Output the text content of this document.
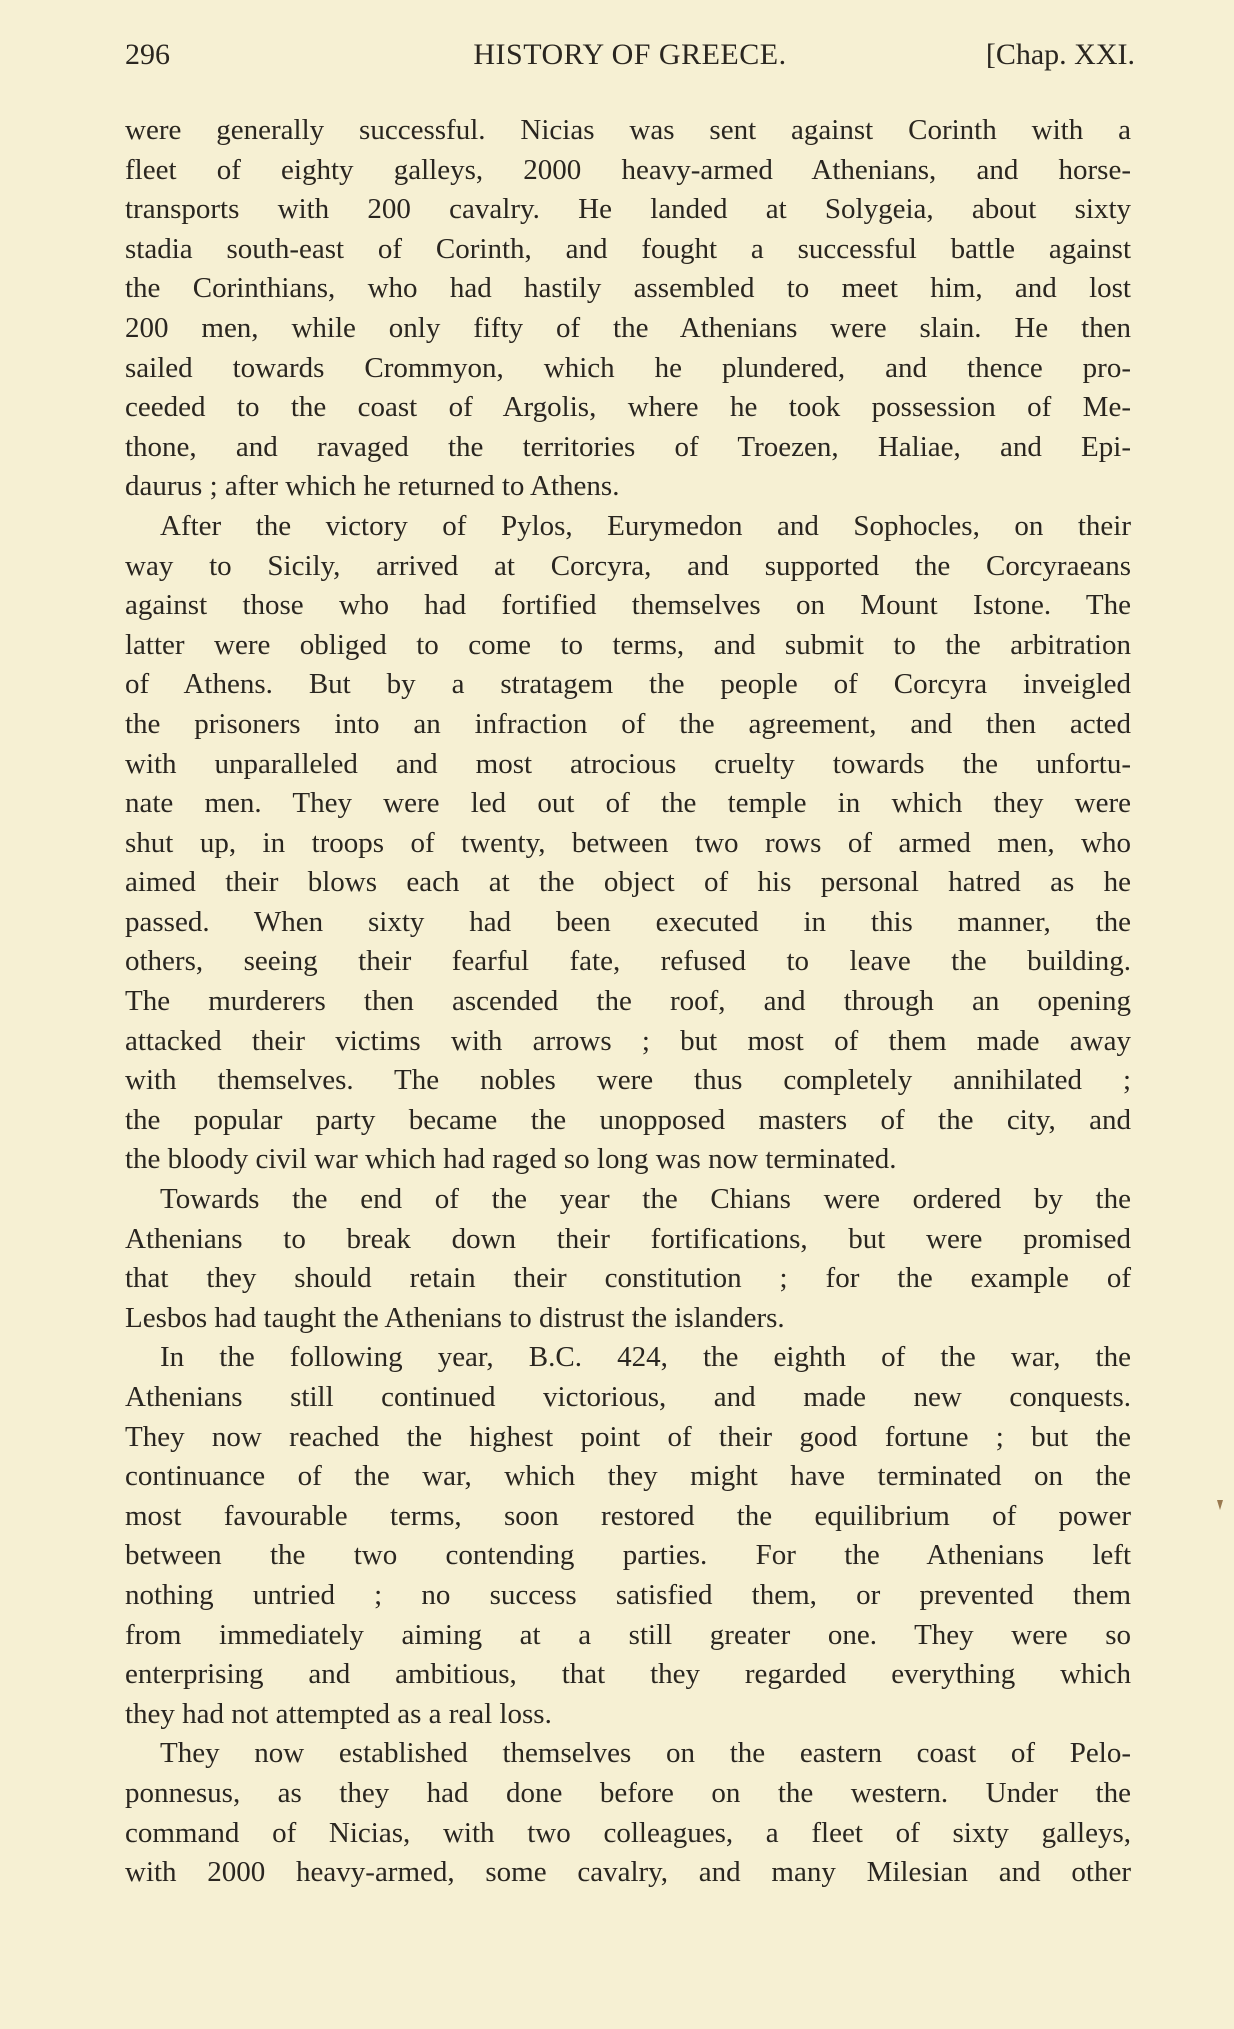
296	HISTORY OF GREECE.	[Chap. XXI.
were generally successful. Nicias was sent against Corinth with a
fleet of eighty galleys, 2000 heavy-armed Athenians, and horse-
transports with 200 cavalry. He landed at Solygeia, about sixty
stadia south-east of Corinth, and fought a successful battle against
the Corinthians, who had hastily assembled to meet him, and lost
200 men, while only fifty of the Athenians were slain. He then
sailed towards Crommyon, which he plundered, and thence pro-
ceeded to the coast of Argolis, where he took possession of Me-
thone, and ravaged the territories of Troezen, Haliae, and Epi-
daurus ; after which he returned to Athens.
After the victory of Pylos, Eurymedon and Sophocles, on their
way to Sicily, arrived at Corcyra, and supported the Corcyraeans
against those who had fortified themselves on Mount Istone. The
latter were obliged to come to terms, and submit to the arbitration
of Athens. But by a stratagem the people of Corcyra inveigled
the prisoners into an infraction of the agreement, and then acted
with unparalleled and most atrocious cruelty towards the unfortu-
nate men. They were led out of the temple in which they were
shut up, in troops of twenty, between two rows of armed men, who
aimed their blows each at the object of his personal hatred as he
passed. When sixty had been executed in this manner, the
others, seeing their fearful fate, refused to leave the building.
The murderers then ascended the roof, and through an opening
attacked their victims with arrows ; but most of them made away
with themselves. The nobles were thus completely annihilated ;
the popular party became the unopposed masters of the city, and
the bloody civil war which had raged so long was now terminated.
Towards the end of the year the Chians were ordered by the
Athenians to break down their fortifications, but were promised
that they should retain their constitution ; for the example of
Lesbos had taught the Athenians to distrust the islanders.
In the following year, B.C. 424, the eighth of the war, the
Athenians still continued victorious, and made new conquests.
They now reached the highest point of their good fortune ; but the
continuance of the war, which they might have terminated on the
most favourable terms, soon restored the equilibrium of power
between the two contending parties. For the Athenians left
nothing untried ; no success satisfied them, or prevented them
from immediately aiming at a still greater one. They were so
enterprising and ambitious, that they regarded everything which
they had not attempted as a real loss.
They now established themselves on the eastern coast of Pelo-
ponnesus, as they had done before on the western. Under the
command of Nicias, with two colleagues, a fleet of sixty galleys,
with 2000 heavy-armed, some cavalry, and many Milesian and other
